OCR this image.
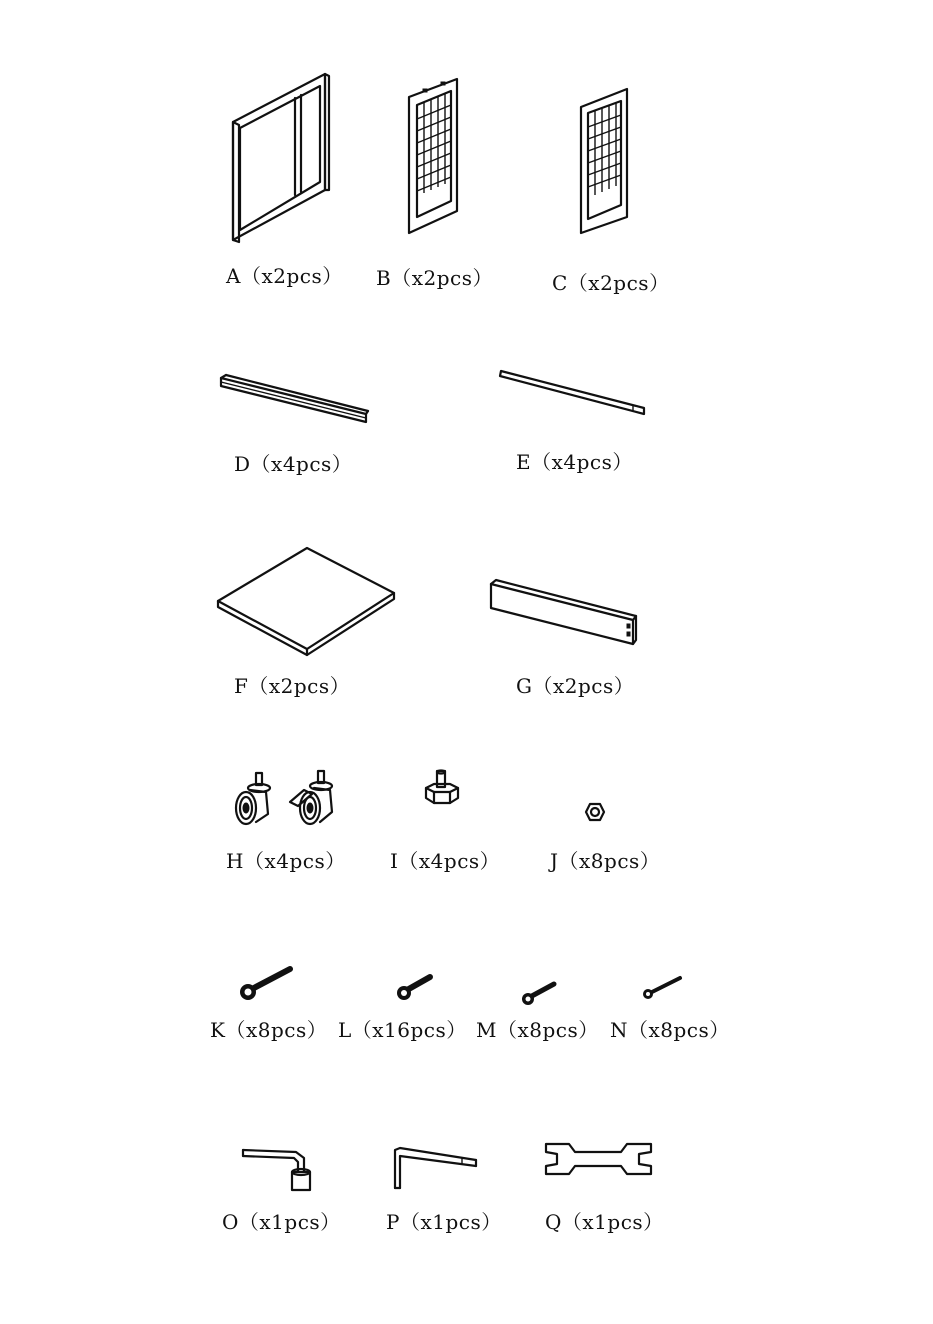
A（x2pcs） B（x2pcs）	C（x2pcs）
D（x4pcs）	E（x4pcs）
F（x2pcs）	G（x2pcs）
H（x4pcs） I（x4pcs） J（x8pcs）
K（x8pcs） L（x16pcs） M（x8pcs） N（x8pcs）
O（x1pcs） P（x1pcs） Q（x1pcs）
